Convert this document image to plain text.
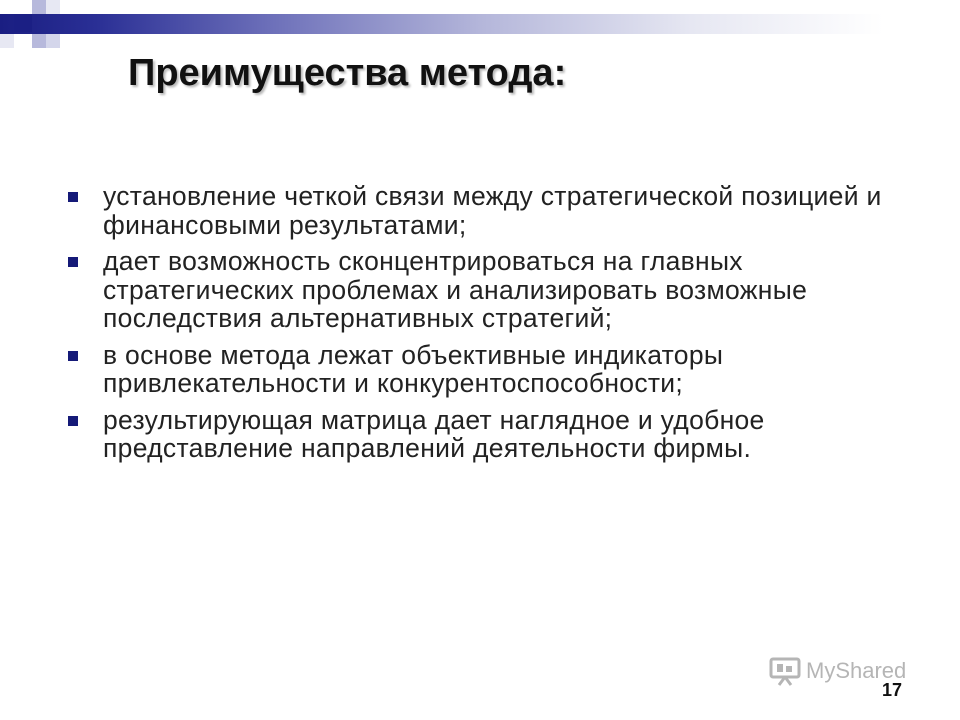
Преимущества метода:
установление четкой связи между стратегической позицией и финансовыми результатами;
дает возможность сконцентрироваться на главных стратегических проблемах и анализировать возможные последствия альтернативных стратегий;
в основе метода лежат объективные индикаторы привлекательности и конкурентоспособности;
результирующая матрица дает наглядное и удобное представление направлений деятельности фирмы.
MyShared
17
